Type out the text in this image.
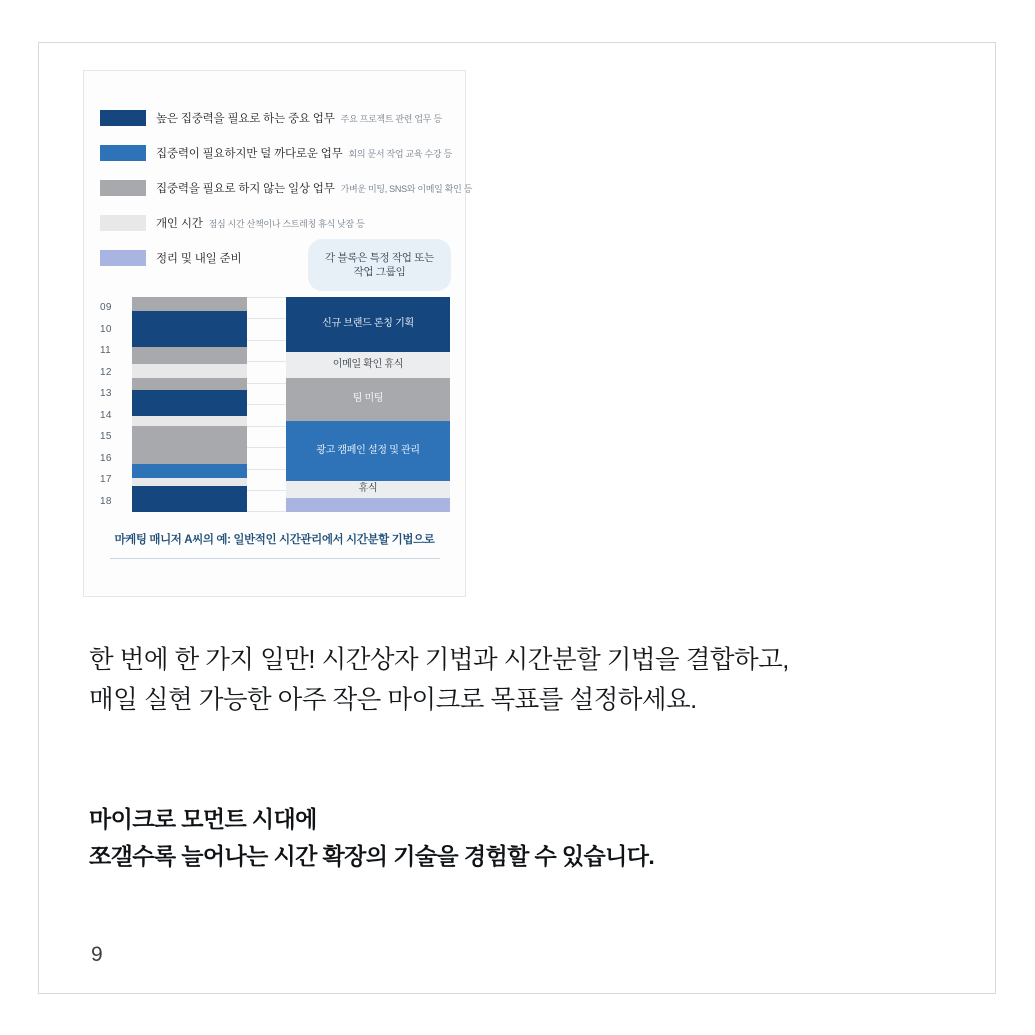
높은 집중력을 필요로 하는 중요 업무 주요 프로젝트 관련 업무 등
집중력이 필요하지만 덜 까다로운 업무 회의 문서 작업 교육 수강 등
집중력을 필요로 하지 않는 일상 업무 가벼운 미팅, SNS와 이메일 확인 등
개인 시간 점심 시간 산책이나 스트레칭 휴식 낮잠 등
정리 및 내일 준비	각 블록은 특정 작업 또는
작업 그룹임
09
10
11
12
13
14
15
16
17
18
신규 브랜드 론칭 기획
이메일 확인 휴식
팀 미팅
광고 캠페인 설정 및 관리
휴식
마케팅 매니저 A씨의 예: 일반적인 시간관리에서 시간분할 기법으로

한 번에 한 가지 일만! 시간상자 기법과 시간분할 기법을 결합하고,

매일 실현 가능한 아주 작은 마이크로 목표를 설정하세요.

마이크로 모먼트 시대에

쪼갤수록 늘어나는 시간 확장의 기술을 경험할 수 있습니다.

9
